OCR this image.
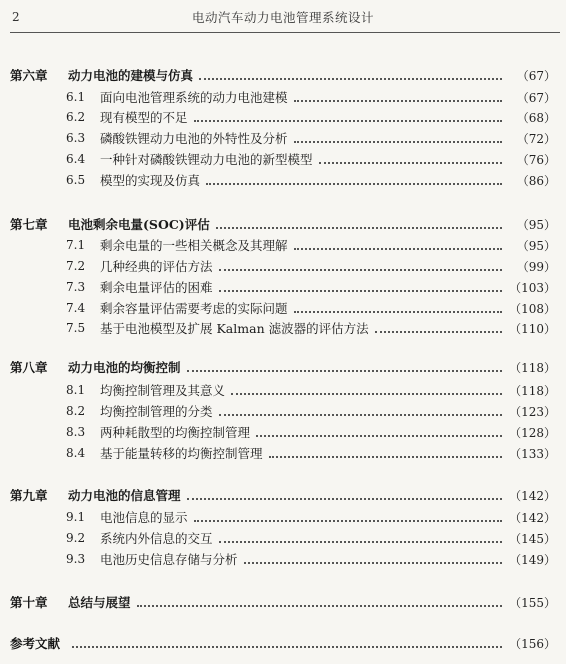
2	电动汽车动力电池管理系统设计
第六章	动力电池的建模与仿真	（67）
6.1	面向电池管理系统的动力电池建模	（67）
6.2	现有模型的不足	（68）
6.3	磷酸铁锂动力电池的外特性及分析	（72）
6.4	一种针对磷酸铁锂动力电池的新型模型	（76）
6.5	模型的实现及仿真	（86）
第七章	电池剩余电量(SOC)评估	（95）
7.1	剩余电量的一些相关概念及其理解	（95）
7.2	几种经典的评估方法	（99）
7.3	剩余电量评估的困难	（103）
7.4	剩余容量评估需要考虑的实际问题	（108）
7.5	基于电池模型及扩展 Kalman 滤波器的评估方法	（110）
第八章	动力电池的均衡控制	（118）
8.1	均衡控制管理及其意义	（118）
8.2	均衡控制管理的分类	（123）
8.3	两种耗散型的均衡控制管理	（128）
8.4	基于能量转移的均衡控制管理	（133）
第九章	动力电池的信息管理	（142）
9.1	电池信息的显示	（142）
9.2	系统内外信息的交互	（145）
9.3	电池历史信息存储与分析	（149）
第十章	总结与展望	（155）
参考文献	（156）
